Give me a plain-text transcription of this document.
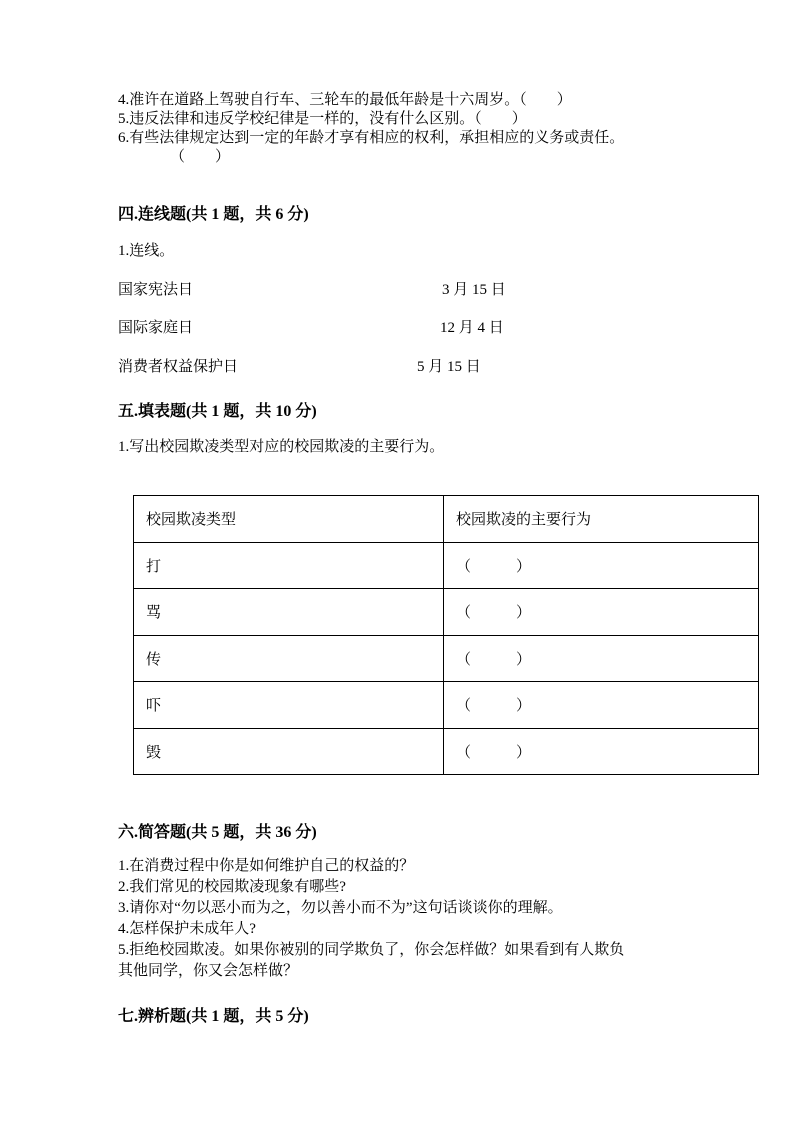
4.准许在道路上驾驶自行车、三轮车的最低年龄是十六周岁。（　　）
5.违反法律和违反学校纪律是一样的，没有什么区别。（　　）
6.有些法律规定达到一定的年龄才享有相应的权利，承担相应的义务或责任。
（　　）
四.连线题(共 1 题，共 6 分)
1.连线。
国家宪法日	3 月 15 日
国际家庭日	12 月 4 日
消费者权益保护日	5 月 15 日
五.填表题(共 1 题，共 10 分)
1.写出校园欺凌类型对应的校园欺凌的主要行为。
校园欺凌类型	校园欺凌的主要行为
打	（　　　）
骂	（　　　）
传	（　　　）
吓	（　　　）
毁	（　　　）
六.简答题(共 5 题，共 36 分)
1.在消费过程中你是如何维护自己的权益的？
2.我们常见的校园欺凌现象有哪些?
3.请你对“勿以恶小而为之，勿以善小而不为”这句话谈谈你的理解。
4.怎样保护未成年人?
5.拒绝校园欺凌。如果你被别的同学欺负了，你会怎样做？如果看到有人欺负
其他同学，你又会怎样做？
七.辨析题(共 1 题，共 5 分)
